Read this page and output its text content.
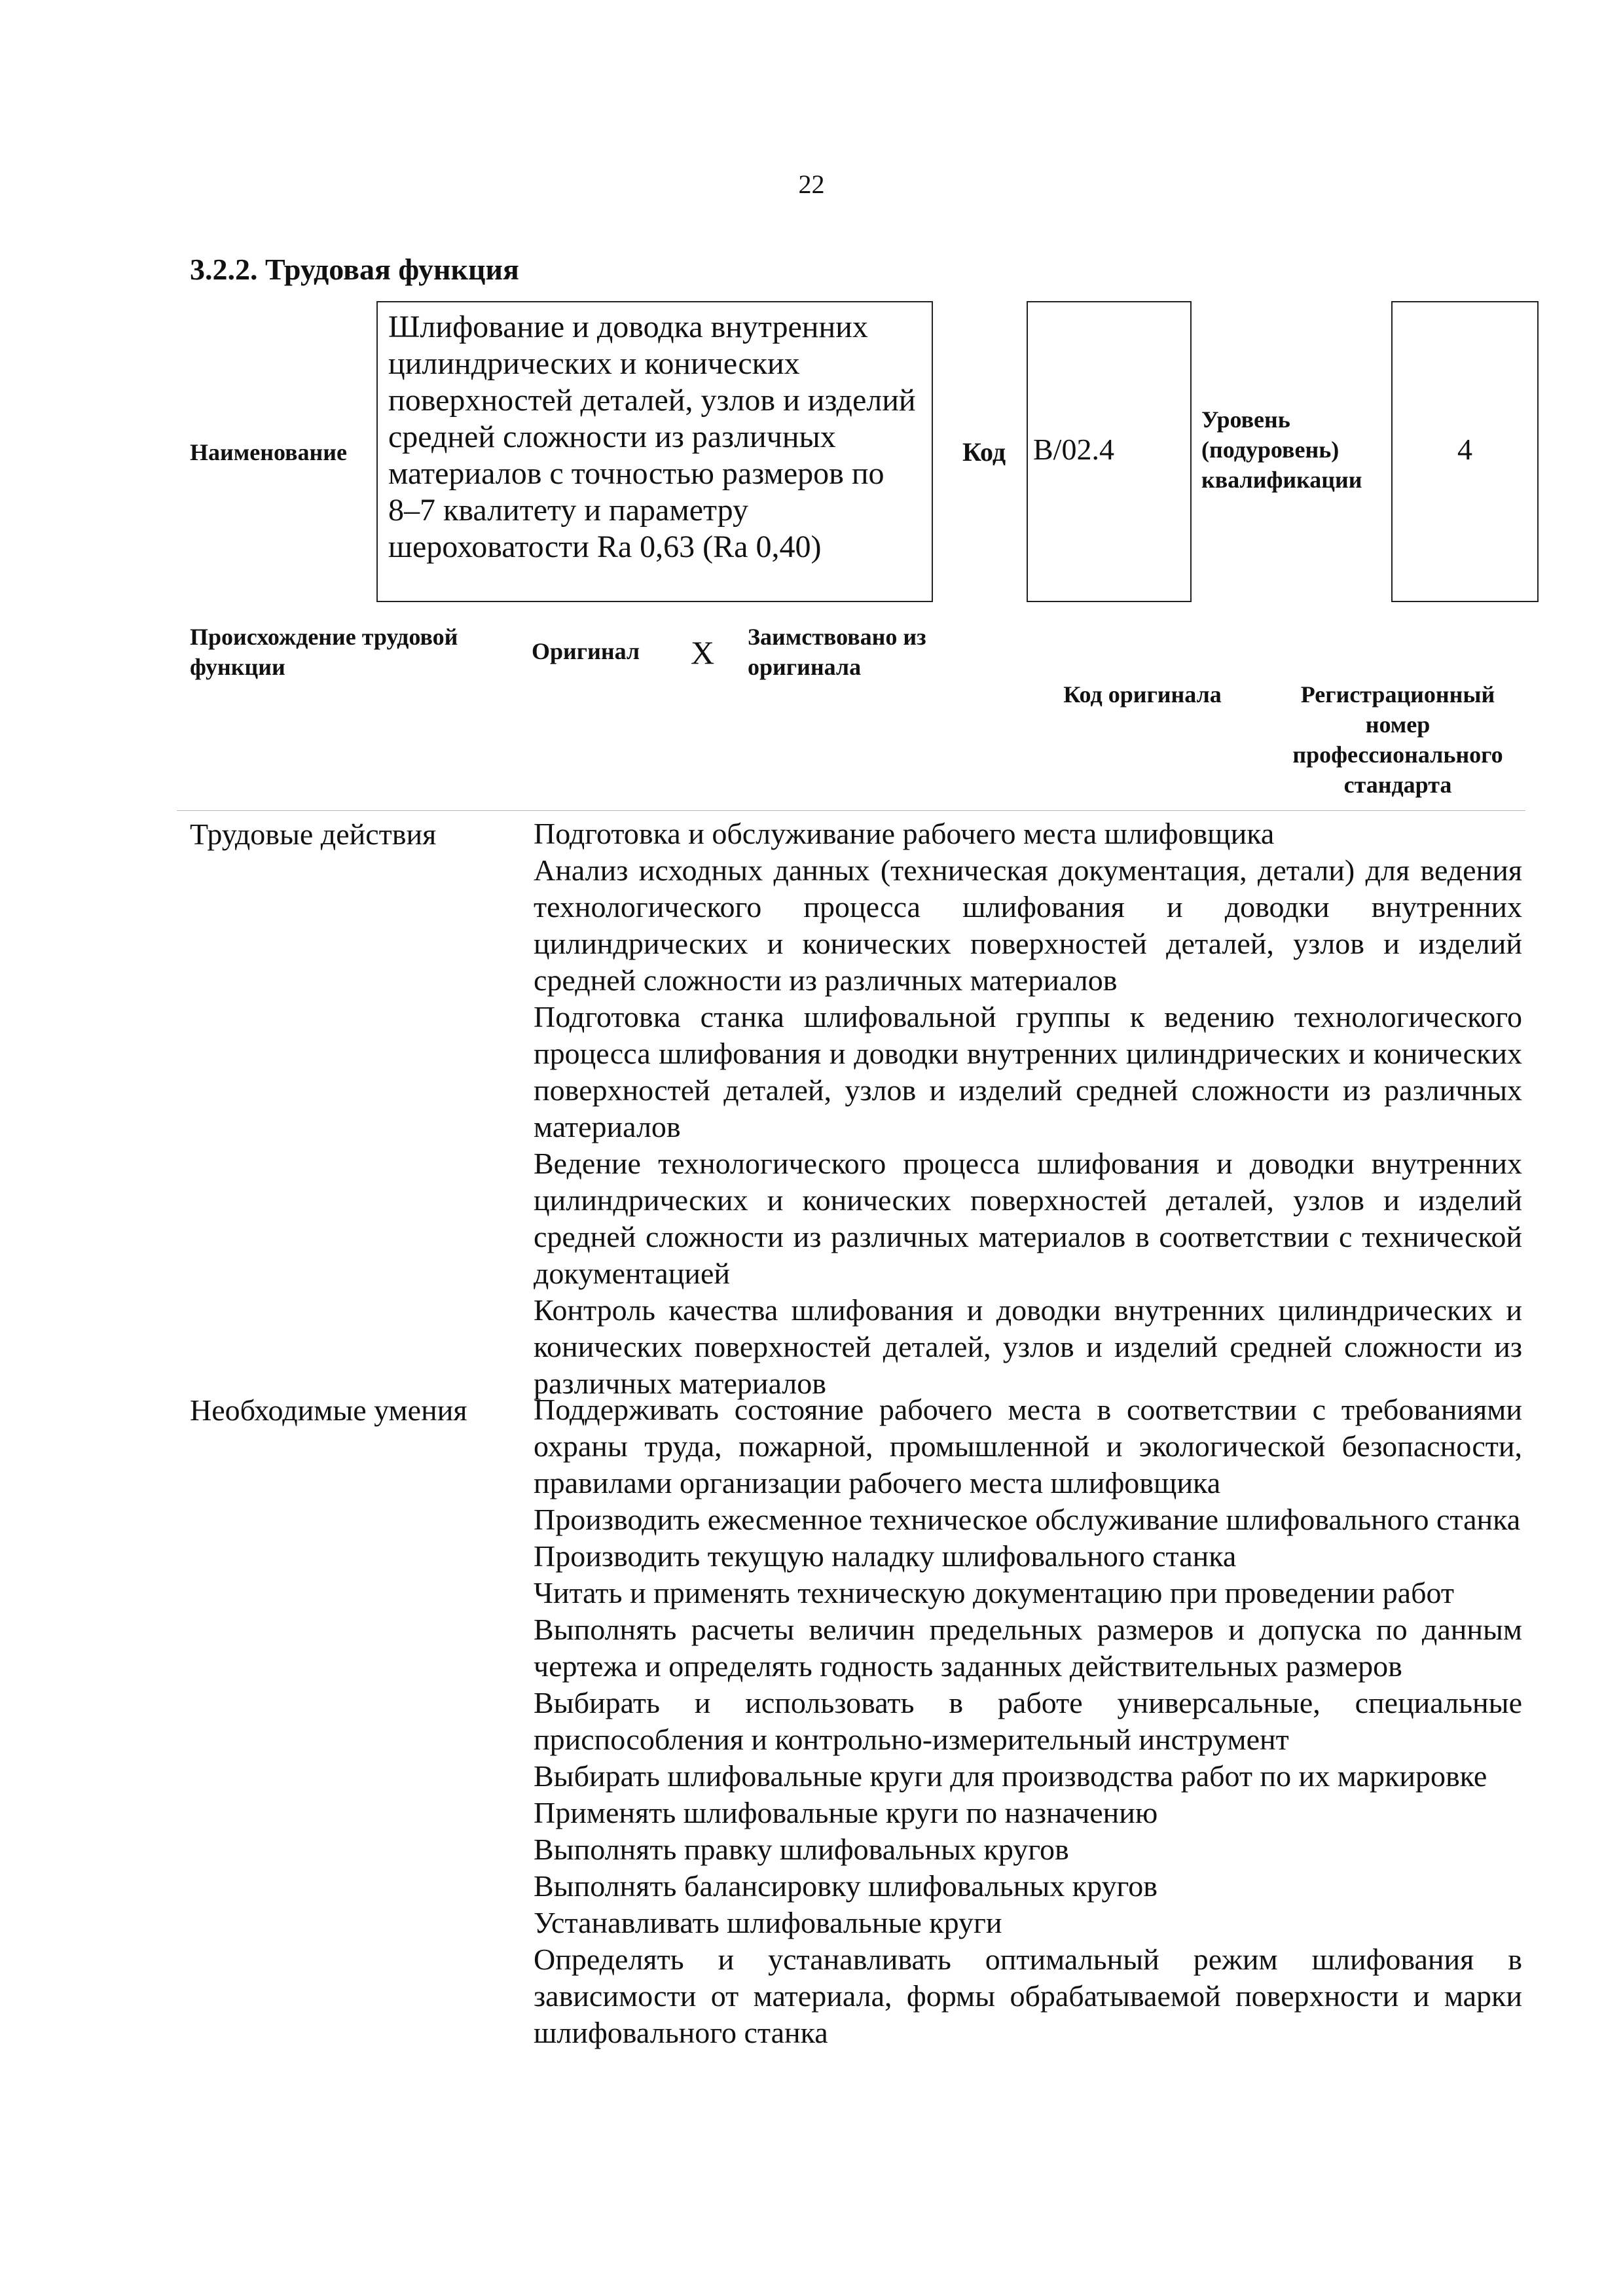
22
3.2.2. Трудовая функция
Наименование
Шлифование и доводка внутренних цилиндрических и конических поверхностей деталей, узлов и изделий средней сложности из различных материалов с точностью размеров по 8–7 квалитету и параметру шероховатости Ra 0,63 (Ra 0,40)
Код B/02.4
Уровень (подуровень) квалификации
4
Происхождение трудовой функции
Оригинал X Заимствовано из оригинала
Код оригинала	Регистрационный номер профессионального стандарта
Трудовые действия	Подготовка и обслуживание рабочего места шлифовщика

Анализ исходных данных (техническая документация, детали) для ведения технологического процесса шлифования и доводки внутренних цилиндрических и конических поверхностей деталей, узлов и изделий средней сложности из различных материалов

Подготовка станка шлифовальной группы к ведению технологического процесса шлифования и доводки внутренних цилиндрических и конических поверхностей деталей, узлов и изделий средней сложности из различных материалов

Ведение технологического процесса шлифования и доводки внутренних цилиндрических и конических поверхностей деталей, узлов и изделий средней сложности из различных материалов в соответствии с технической документацией

Контроль качества шлифования и доводки внутренних цилиндрических и конических поверхностей деталей, узлов и изделий средней сложности из различных материалов

Необходимые умения Поддерживать состояние рабочего места в соответствии с требованиями охраны труда, пожарной, промышленной и экологической безопасности, правилами организации рабочего места шлифовщика

Производить ежесменное техническое обслуживание шлифовального станка

Производить текущую наладку шлифовального станка

Читать и применять техническую документацию при проведении работ

Выполнять расчеты величин предельных размеров и допуска по данным чертежа и определять годность заданных действительных размеров

Выбирать и использовать в работе универсальные, специальные приспособления и контрольно-измерительный инструмент

Выбирать шлифовальные круги для производства работ по их маркировке

Применять шлифовальные круги по назначению

Выполнять правку шлифовальных кругов

Выполнять балансировку шлифовальных кругов

Устанавливать шлифовальные круги

Определять и устанавливать оптимальный режим шлифования в зависимости от материала, формы обрабатываемой поверхности и марки шлифовального станка
